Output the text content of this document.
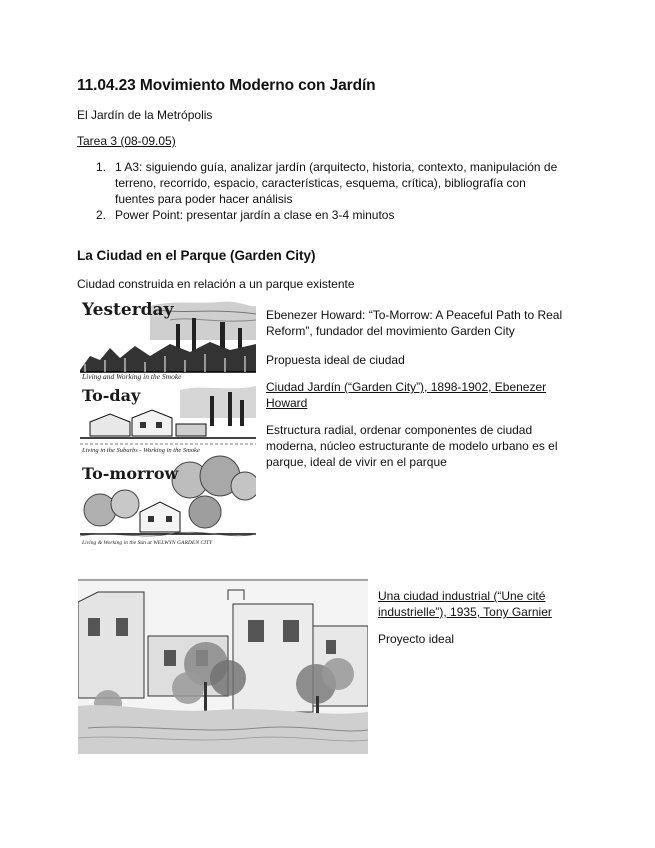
11.04.23 Movimiento Moderno con Jardín

El Jardín de la Metrópolis

Tarea 3 (08-09.05)

1. 1 A3: siguiendo guía, analizar jardín (arquitecto, historia, contexto, manipulación de terreno, recorrido, espacio, características, esquema, crítica), bibliografía con fuentes para poder hacer análisis
2. Power Point: presentar jardín a clase en 3-4 minutos
La Ciudad en el Parque (Garden City)

Ciudad construida en relación a un parque existente

Yesterday
Living and Working in the Smoke
To-day
Living in the Suburbs - Working in the Smoke
To-morrow
Living & Working in the Sun at WELWYN GARDEN CITY

Ebenezer Howard: “To-Morrow: A Peaceful Path to Real Reform”, fundador del movimiento Garden City

Propuesta ideal de ciudad

Ciudad Jardín (“Garden City”), 1898-1902, Ebenezer Howard

Estructura radial, ordenar componentes de ciudad moderna, núcleo estructurante de modelo urbano es el parque, ideal de vivir en el parque

Una ciudad industrial (“Une cité industrielle”), 1935, Tony Garnier

Proyecto ideal
